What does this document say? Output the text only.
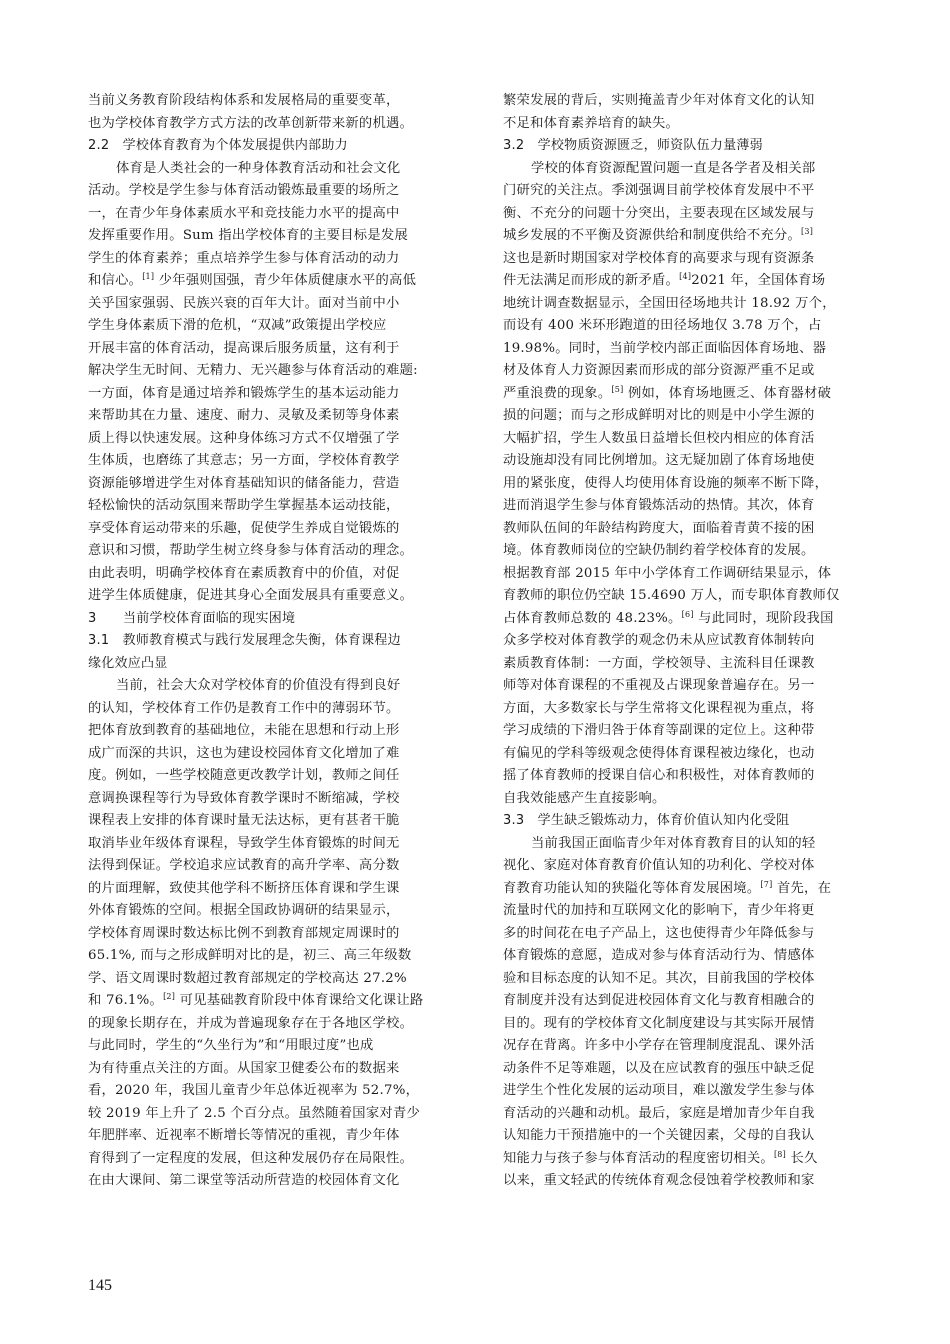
当前义务教育阶段结构体系和发展格局的重要变革，
也为学校体育教学方式方法的改革创新带来新的机遇。
2.2　学校体育教育为个体发展提供内部助力
体育是人类社会的一种身体教育活动和社会文化
活动。学校是学生参与体育活动锻炼最重要的场所之
一，在青少年身体素质水平和竞技能力水平的提高中
发挥重要作用。Sum 指出学校体育的主要目标是发展
学生的体育素养；重点培养学生参与体育活动的动力
和信心。[1] 少年强则国强，青少年体质健康水平的高低
关乎国家强弱、民族兴衰的百年大计。面对当前中小
学生身体素质下滑的危机，“双减”政策提出学校应
开展丰富的体育活动，提高课后服务质量，这有利于
解决学生无时间、无精力、无兴趣参与体育活动的难题:
一方面，体育是通过培养和锻炼学生的基本运动能力
来帮助其在力量、速度、耐力、灵敏及柔韧等身体素
质上得以快速发展。这种身体练习方式不仅增强了学
生体质，也磨练了其意志；另一方面，学校体育教学
资源能够增进学生对体育基础知识的储备能力，营造
轻松愉快的活动氛围来帮助学生掌握基本运动技能，
享受体育运动带来的乐趣，促使学生养成自觉锻炼的
意识和习惯，帮助学生树立终身参与体育活动的理念。
由此表明，明确学校体育在素质教育中的价值，对促
进学生体质健康，促进其身心全面发展具有重要意义。
3　　当前学校体育面临的现实困境
3.1　教师教育模式与践行发展理念失衡，体育课程边
缘化效应凸显
当前，社会大众对学校体育的价值没有得到良好
的认知，学校体育工作仍是教育工作中的薄弱环节。
把体育放到教育的基础地位，未能在思想和行动上形
成广而深的共识，这也为建设校园体育文化增加了难
度。例如，一些学校随意更改教学计划，教师之间任
意调换课程等行为导致体育教学课时不断缩减，学校
课程表上安排的体育课时量无法达标，更有甚者干脆
取消毕业年级体育课程，导致学生体育锻炼的时间无
法得到保证。学校追求应试教育的高升学率、高分数
的片面理解，致使其他学科不断挤压体育课和学生课
外体育锻炼的空间。根据全国政协调研的结果显示，
学校体育周课时数达标比例不到教育部规定周课时的
65.1%, 而与之形成鲜明对比的是，初三、高三年级数
学、语文周课时数超过教育部规定的学校高达 27.2%
和 76.1%。[2] 可见基础教育阶段中体育课给文化课让路
的现象长期存在，并成为普遍现象存在于各地区学校。
与此同时，学生的“久坐行为”和“用眼过度”也成
为有待重点关注的方面。从国家卫健委公布的数据来
看，2020 年，我国儿童青少年总体近视率为 52.7%，
较 2019 年上升了 2.5 个百分点。虽然随着国家对青少
年肥胖率、近视率不断增长等情况的重视，青少年体
育得到了一定程度的发展，但这种发展仍存在局限性。
在由大课间、第二课堂等活动所营造的校园体育文化
繁荣发展的背后，实则掩盖青少年对体育文化的认知
不足和体育素养培育的缺失。
3.2　学校物质资源匮乏，师资队伍力量薄弱
学校的体育资源配置问题一直是各学者及相关部
门研究的关注点。季浏强调目前学校体育发展中不平
衡、不充分的问题十分突出，主要表现在区域发展与
城乡发展的不平衡及资源供给和制度供给不充分。[3]
这也是新时期国家对学校体育的高要求与现有资源条
件无法满足而形成的新矛盾。[4]2021 年，全国体育场
地统计调查数据显示，全国田径场地共计 18.92 万个，
而设有 400 米环形跑道的田径场地仅 3.78 万个，占
19.98%。同时，当前学校内部正面临因体育场地、器
材及体育人力资源因素而形成的部分资源严重不足或
严重浪费的现象。[5] 例如，体育场地匮乏、体育器材破
损的问题；而与之形成鲜明对比的则是中小学生源的
大幅扩招，学生人数虽日益增长但校内相应的体育活
动设施却没有同比例增加。这无疑加剧了体育场地使
用的紧张度，使得人均使用体育设施的频率不断下降，
进而消退学生参与体育锻炼活动的热情。其次，体育
教师队伍间的年龄结构跨度大，面临着青黄不接的困
境。体育教师岗位的空缺仍制约着学校体育的发展。
根据教育部 2015 年中小学体育工作调研结果显示，体
育教师的职位仍空缺 15.4690 万人，而专职体育教师仅
占体育教师总数的 48.23%。[6] 与此同时，现阶段我国
众多学校对体育教学的观念仍未从应试教育体制转向
素质教育体制：一方面，学校领导、主流科目任课教
师等对体育课程的不重视及占课现象普遍存在。另一
方面，大多数家长与学生常将文化课程视为重点，将
学习成绩的下滑归咎于体育等副课的定位上。这种带
有偏见的学科等级观念使得体育课程被边缘化，也动
摇了体育教师的授课自信心和积极性，对体育教师的
自我效能感产生直接影响。
3.3　学生缺乏锻炼动力，体育价值认知内化受阻
当前我国正面临青少年对体育教育目的认知的轻
视化、家庭对体育教育价值认知的功利化、学校对体
育教育功能认知的狭隘化等体育发展困境。[7] 首先，在
流量时代的加持和互联网文化的影响下，青少年将更
多的时间花在电子产品上，这也使得青少年降低参与
体育锻炼的意愿，造成对参与体育活动行为、情感体
验和目标态度的认知不足。其次，目前我国的学校体
育制度并没有达到促进校园体育文化与教育相融合的
目的。现有的学校体育文化制度建设与其实际开展情
况存在背离。许多中小学存在管理制度混乱、课外活
动条件不足等难题，以及在应试教育的强压中缺乏促
进学生个性化发展的运动项目，难以激发学生参与体
育活动的兴趣和动机。最后，家庭是增加青少年自我
认知能力干预措施中的一个关键因素，父母的自我认
知能力与孩子参与体育活动的程度密切相关。[8] 长久
以来，重文轻武的传统体育观念侵蚀着学校教师和家
145
